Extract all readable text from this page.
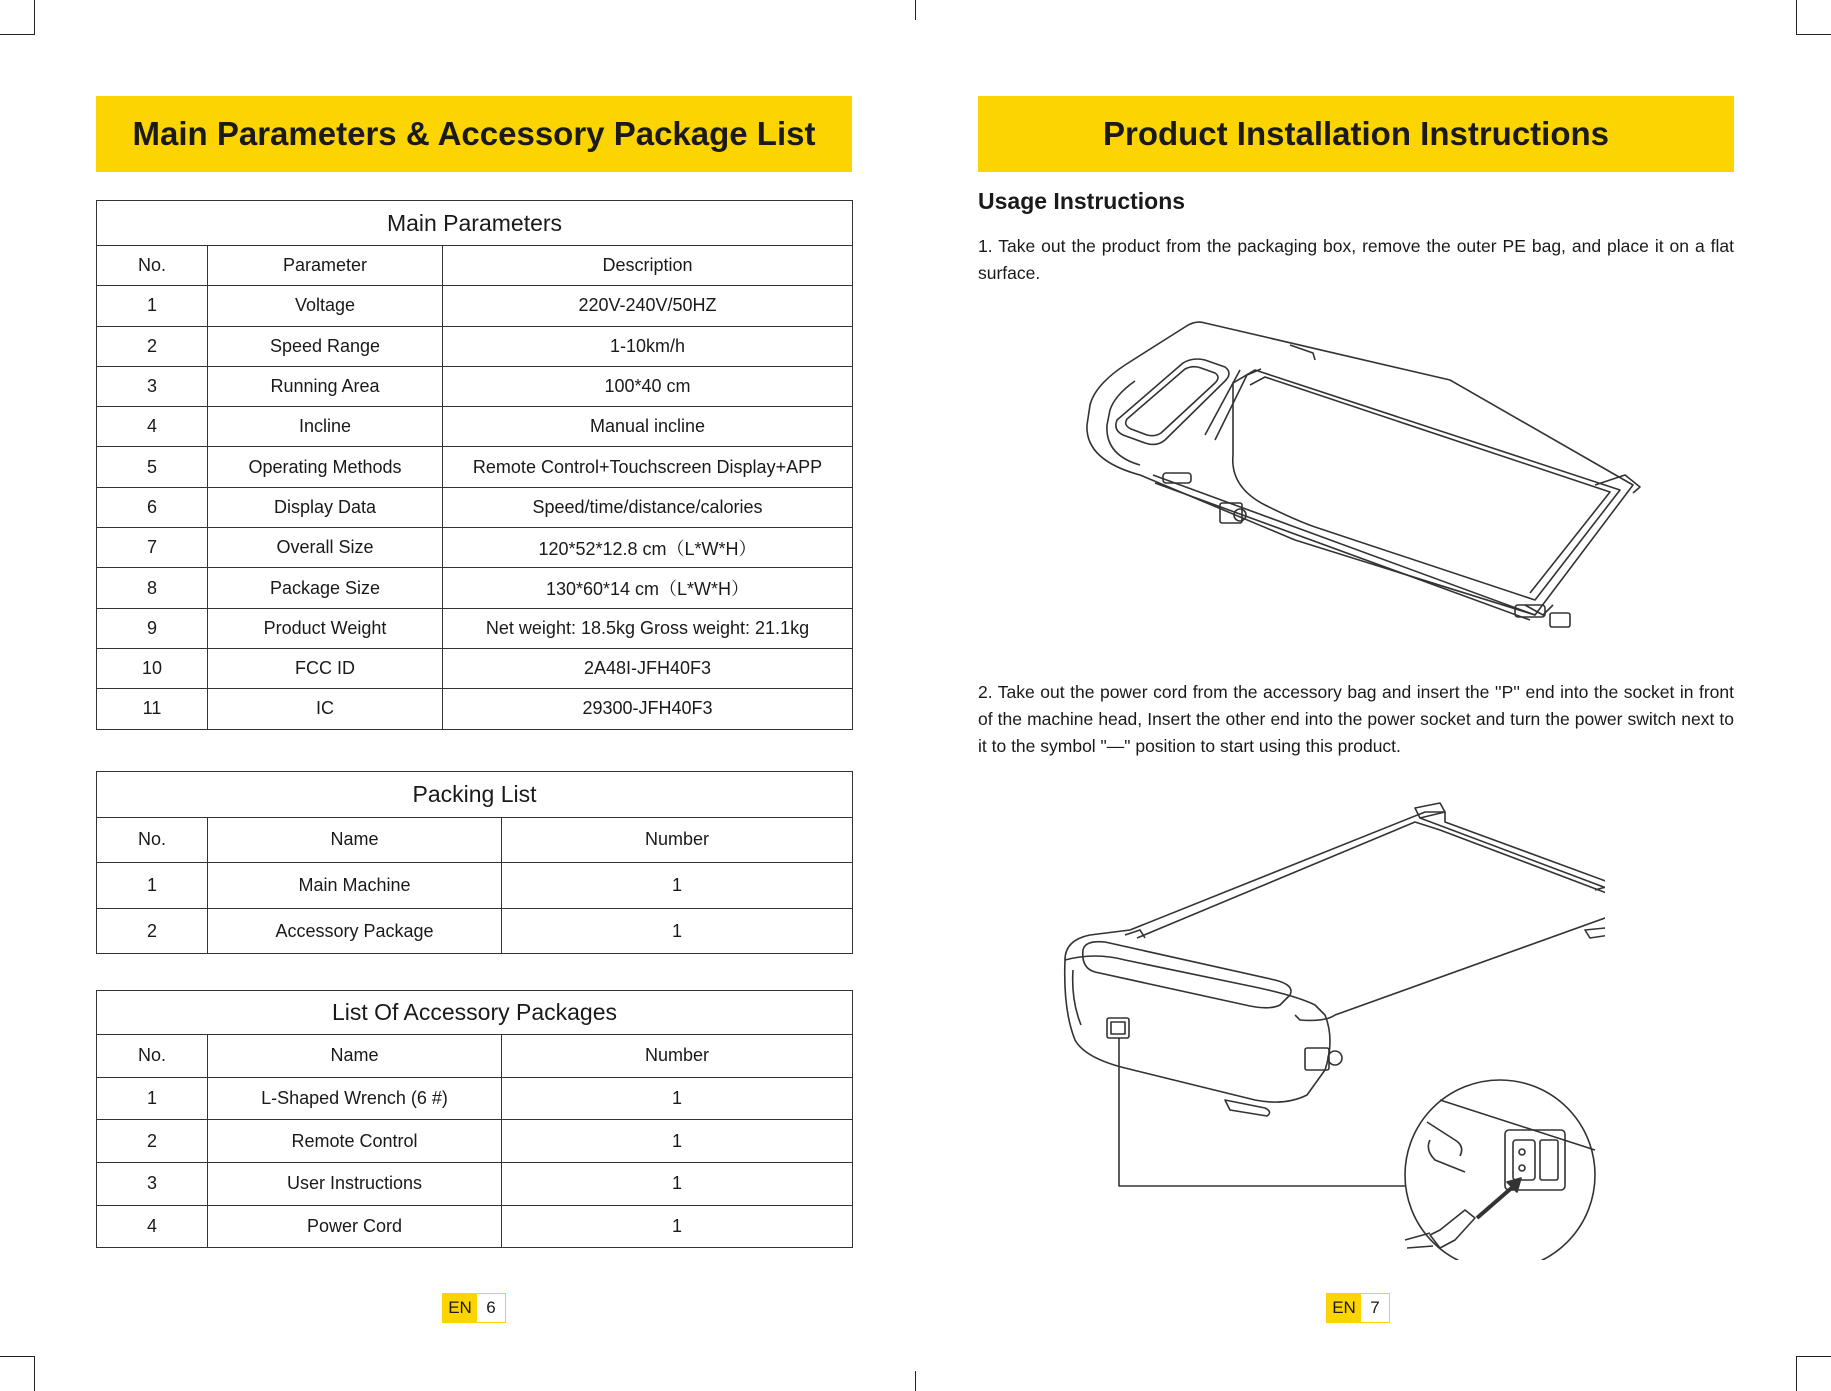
Main Parameters & Accessory Package List
Main Parameters		
No.	Parameter	Description
1	Voltage	220V-240V/50HZ
2	Speed Range	1-10km/h
3	Running Area	100*40 cm
4	Incline	Manual incline
5	Operating Methods	Remote Control+Touchscreen Display+APP
6	Display Data	Speed/time/distance/calories
7	Overall Size	120*52*12.8 cm（L*W*H）
8	Package Size	130*60*14 cm（L*W*H）
9	Product Weight	Net weight: 18.5kg Gross weight: 21.1kg
10	FCC ID	2A48I-JFH40F3
11	IC	29300-JFH40F3
Packing List		
No.	Name	Number
1	Main Machine	1
2	Accessory Package	1
List Of Accessory Packages		
No.	Name	Number
1	L-Shaped Wrench (6 #)	1
2	Remote Control	1
3	User Instructions	1
4	Power Cord	1
EN 6
Product Installation Instructions
Usage Instructions
1. Take out the product from the packaging box, remove the outer PE bag, and place it on a flat surface.
2. Take out the power cord from the accessory bag and insert the ''P'' end into the socket in front of the machine head, Insert the other end into the power socket and turn the power switch next to it to the symbol "—" position to start using this product.
EN 7
